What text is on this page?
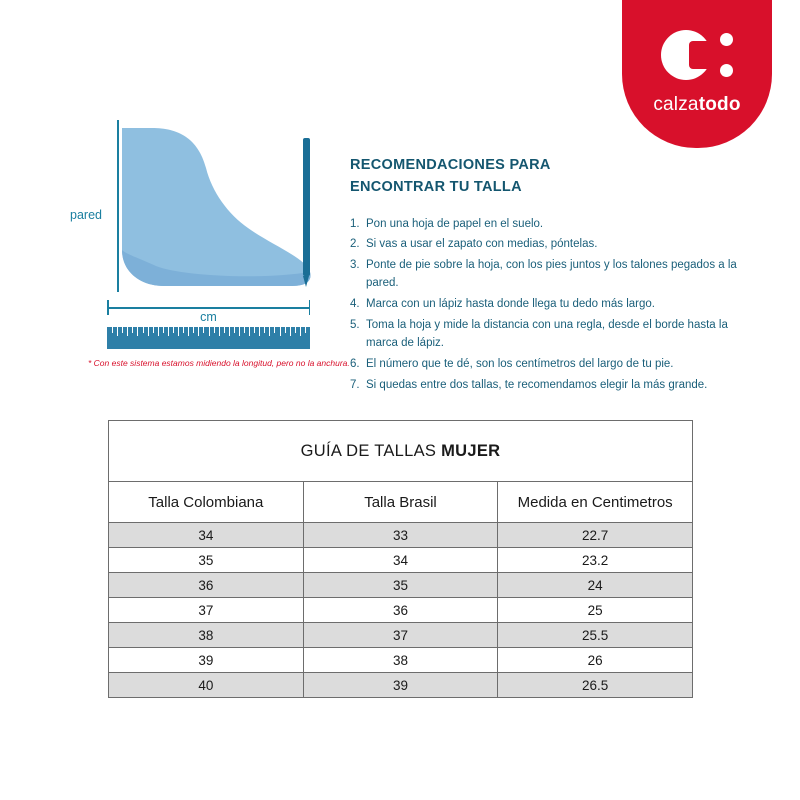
calzatodo
pared
cm
* Con este sistema estamos midiendo la longitud, pero no la anchura.
RECOMENDACIONES PARA
ENCONTRAR TU TALLA
Pon una hoja de papel en el suelo.
Si vas a usar el zapato con medias, póntelas.
Ponte de pie sobre la hoja, con los pies juntos y los talones pegados a la pared.
Marca con un lápiz hasta donde llega tu dedo más largo.
Toma la hoja y mide la distancia con una regla, desde el borde hasta la marca de lápiz.
El número que te dé, son los centímetros del largo de tu pie.
Si quedas entre dos tallas, te recomendamos elegir la más grande.
GUÍA DE TALLAS MUJER		
Talla Colombiana	Talla Brasil	Medida en Centimetros
34	33	22.7
35	34	23.2
36	35	24
37	36	25
38	37	25.5
39	38	26
40	39	26.5
